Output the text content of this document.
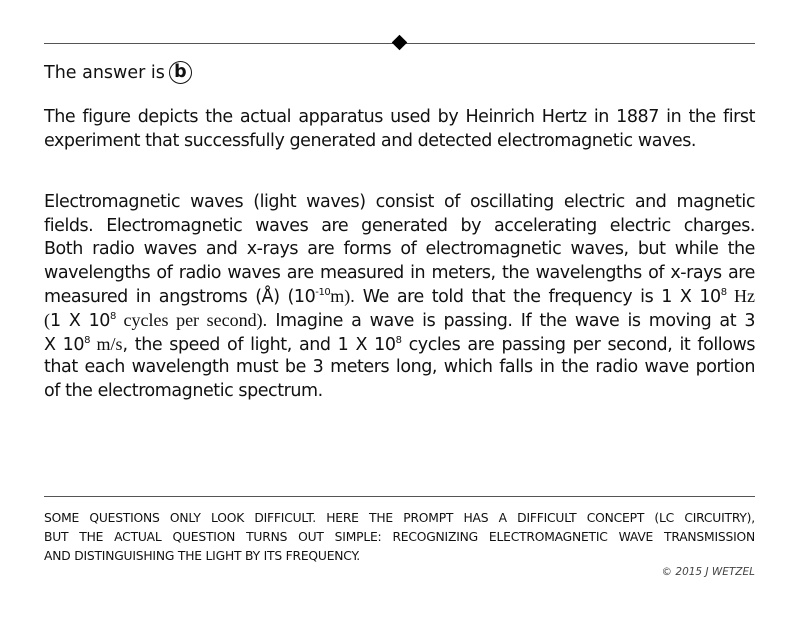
The answer is b
The figure depicts the actual apparatus used by Heinrich Hertz in 1887 in the first
experiment that successfully generated and detected electromagnetic waves.
Electromagnetic waves (light waves) consist of oscillating electric and magnetic
fields. Electromagnetic waves are generated by accelerating electric charges.
Both radio waves and x-rays are forms of electromagnetic waves, but while the
wavelengths of radio waves are measured in meters, the wavelengths of x-rays are
measured in angstroms (Å) $(10^{-10}m)$. We are told that the frequency is 1 X $10^8$ Hz
(1 X $10^8$ cycles per second). Imagine a wave is passing. If the wave is moving at 3
X $10^8$ m/s, the speed of light, and 1 X $10^8$ cycles are passing per second, it follows
that each wavelength must be 3 meters long, which falls in the radio wave portion
of the electromagnetic spectrum.
SOME QUESTIONS ONLY LOOK DIFFICULT. HERE THE PROMPT HAS A DIFFICULT CONCEPT (LC CIRCUITRY),
BUT THE ACTUAL QUESTION TURNS OUT SIMPLE: RECOGNIZING ELECTROMAGNETIC WAVE TRANSMISSION
AND DISTINGUISHING THE LIGHT BY ITS FREQUENCY.
© 2015 J WETZEL
